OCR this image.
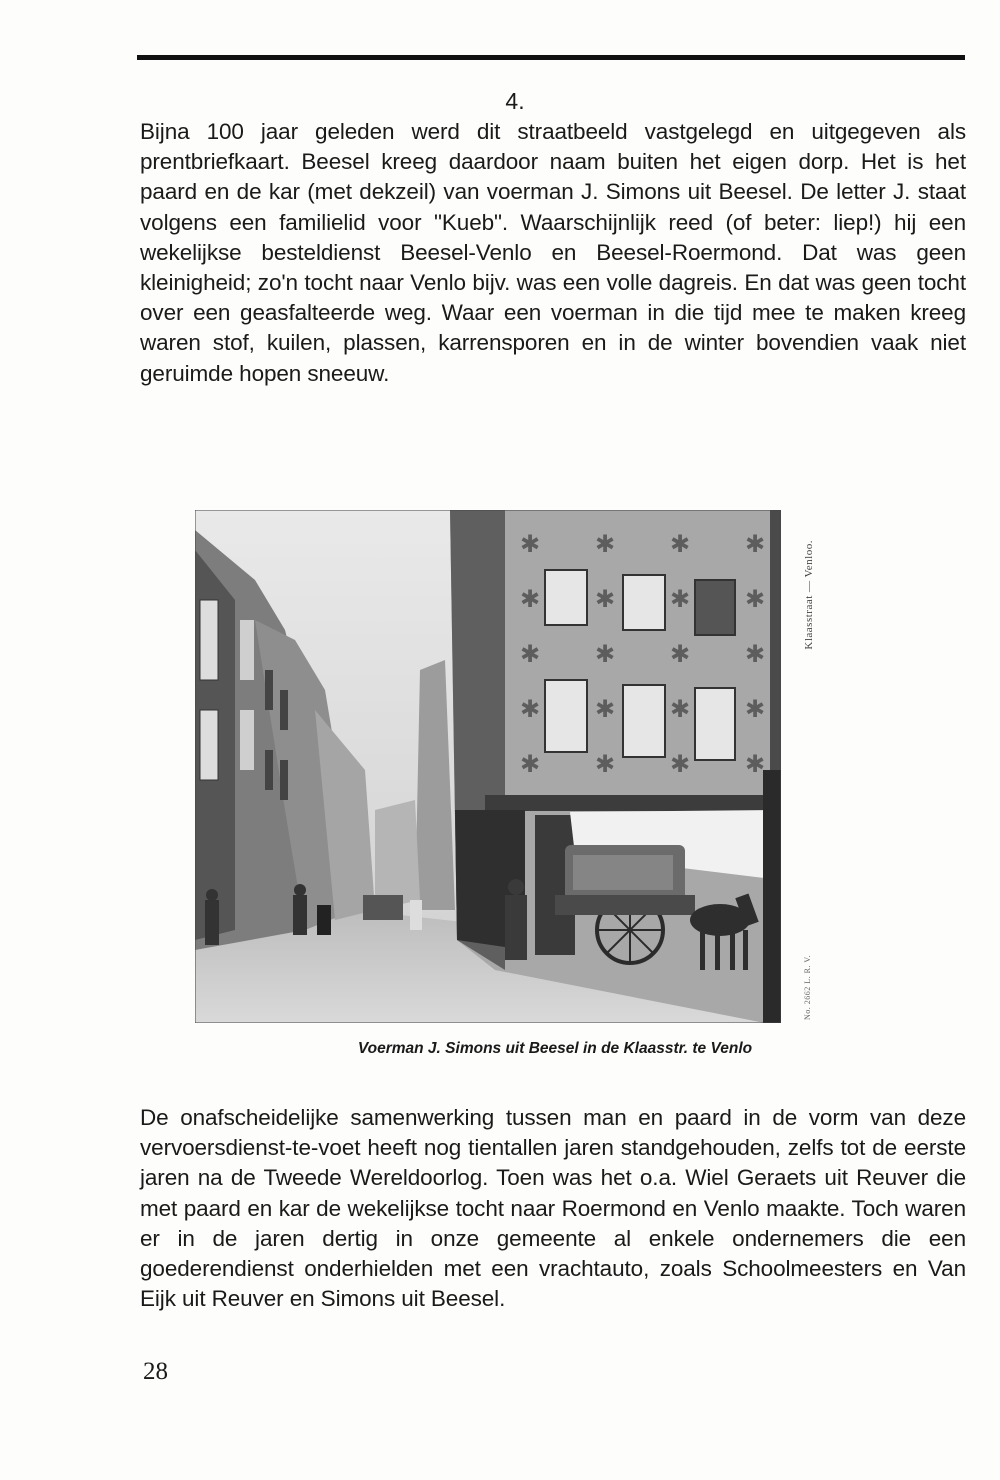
4.

Bijna 100 jaar geleden werd dit straatbeeld vastgelegd en uitgegeven als prentbriefkaart. Beesel kreeg daardoor naam buiten het eigen dorp. Het is het paard en de kar (met dekzeil) van voerman J. Simons uit Beesel. De letter J. staat volgens een familielid voor "Kueb". Waarschijnlijk reed (of beter: liep!) hij een wekelijkse besteldienst Beesel-Venlo en Beesel-Roermond. Dat was geen kleinigheid; zo'n tocht naar Venlo bijv. was een volle dagreis. En dat was geen tocht over een geasfalteerde weg. Waar een voerman in die tijd mee te maken kreeg waren stof, kuilen, plassen, karrensporen en in de winter bovendien vaak niet geruimde hopen sneeuw.

Klaasstraat — Venloo.
No. 2662 L. R. V.
Voerman J. Simons uit Beesel in de Klaasstr. te Venlo

De onafscheidelijke samenwerking tussen man en paard in de vorm van deze vervoersdienst-te-voet heeft nog tientallen jaren standgehouden, zelfs tot de eerste jaren na de Tweede Wereldoorlog. Toen was het o.a. Wiel Geraets uit Reuver die met paard en kar de wekelijkse tocht naar Roermond en Venlo maakte. Toch waren er in de jaren dertig in onze gemeente al enkele ondernemers die een goederendienst onderhielden met een vrachtauto, zoals Schoolmeesters en Van Eijk uit Reuver en Simons uit Beesel.

28
